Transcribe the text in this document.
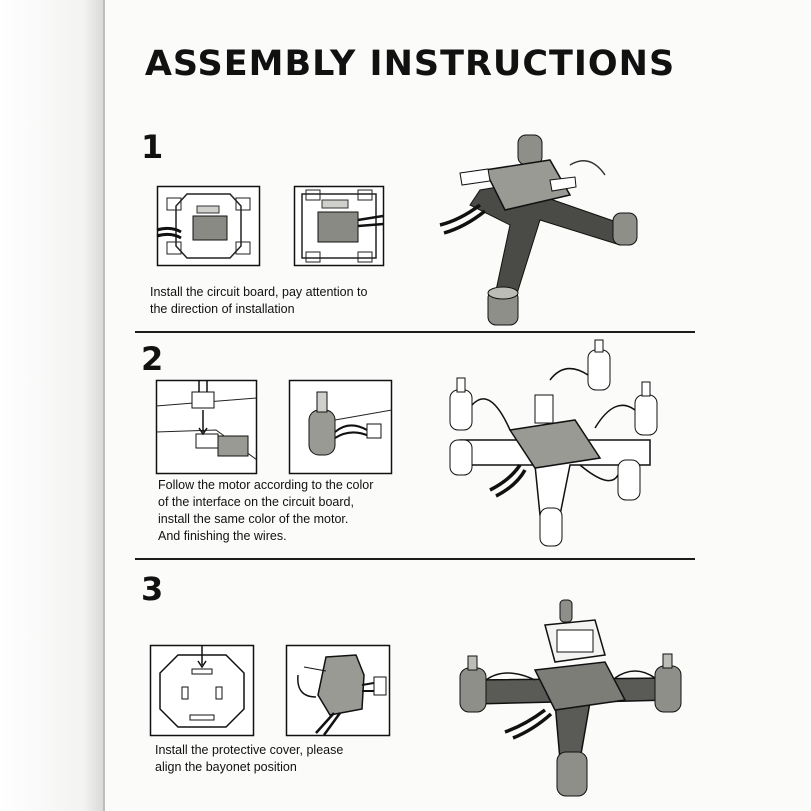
ASSEMBLY INSTRUCTIONS
1
Install the circuit board, pay attention to
the direction of installation
2
Follow the motor according to the color
of the interface on the circuit board,
install the same color of the motor.
And finishing the wires.
3
Install the protective cover, please
align the bayonet position
